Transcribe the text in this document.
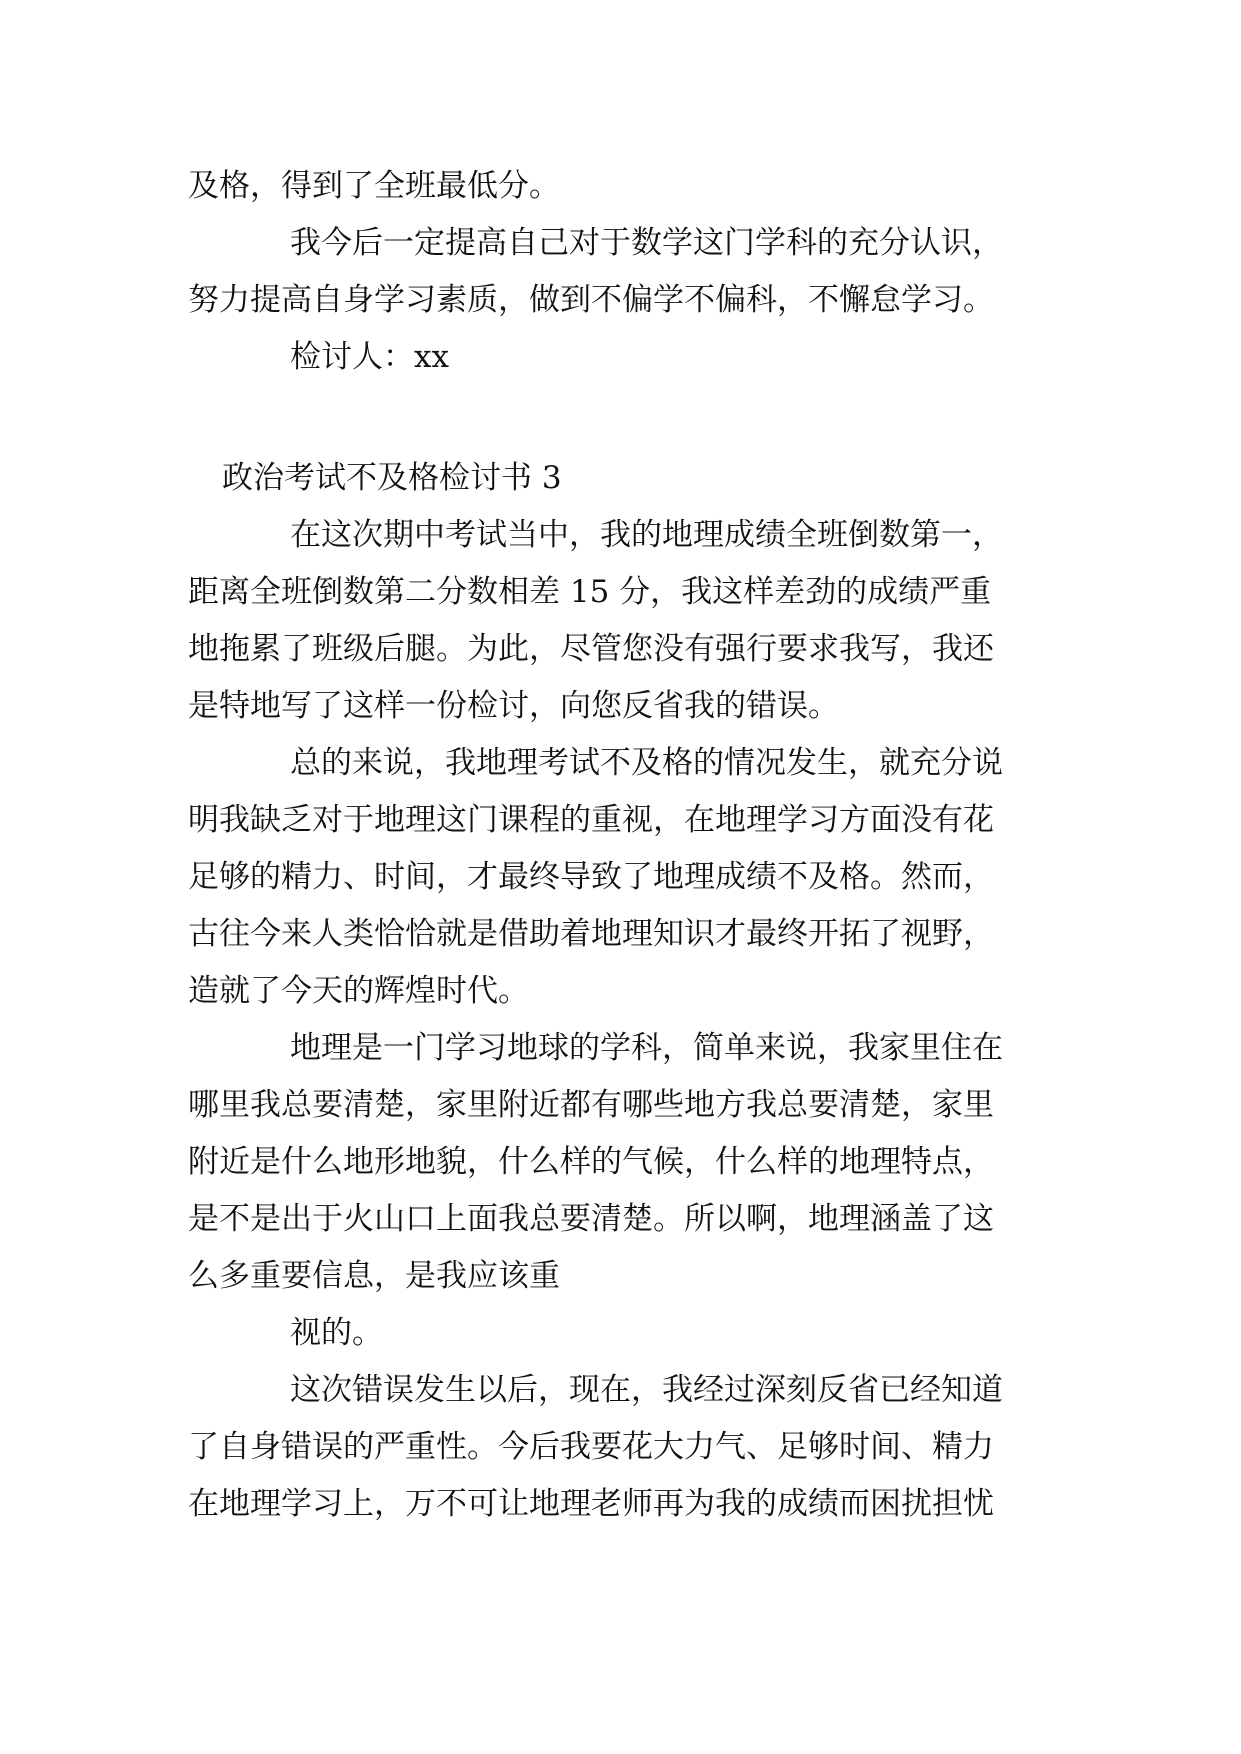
及格，得到了全班最低分。

我今后一定提高自己对于数学这门学科的充分认识，

努力提高自身学习素质，做到不偏学不偏科，不懈怠学习。

检讨人：xx

政治考试不及格检讨书 3

在这次期中考试当中，我的地理成绩全班倒数第一，

距离全班倒数第二分数相差 15 分，我这样差劲的成绩严重

地拖累了班级后腿。为此，尽管您没有强行要求我写，我还

是特地写了这样一份检讨，向您反省我的错误。

总的来说，我地理考试不及格的情况发生，就充分说

明我缺乏对于地理这门课程的重视，在地理学习方面没有花

足够的精力、时间，才最终导致了地理成绩不及格。然而，

古往今来人类恰恰就是借助着地理知识才最终开拓了视野，

造就了今天的辉煌时代。

地理是一门学习地球的学科，简单来说，我家里住在

哪里我总要清楚，家里附近都有哪些地方我总要清楚，家里

附近是什么地形地貌，什么样的气候，什么样的地理特点，

是不是出于火山口上面我总要清楚。所以啊，地理涵盖了这

么多重要信息，是我应该重

视的。

这次错误发生以后，现在，我经过深刻反省已经知道

了自身错误的严重性。今后我要花大力气、足够时间、精力

在地理学习上，万不可让地理老师再为我的成绩而困扰担忧
